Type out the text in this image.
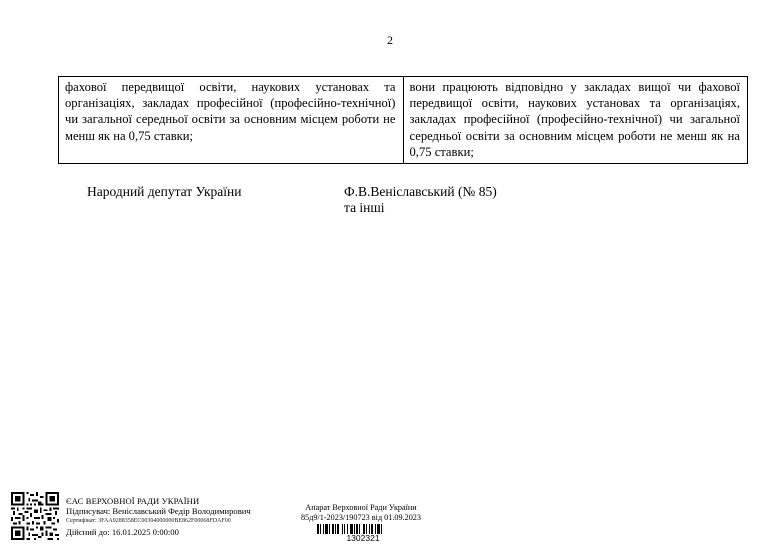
2
фахової передвищої освіти, наукових установах та організаціях, закладах професійної (професійно-технічної) чи загальної середньої освіти за основним місцем роботи не менш як на 0,75 ставки;	вони працюють відповідно у закладах вищої чи фахової передвищої освіти, наукових установах та організаціях, закладах професійної (професійно-технічної) чи загальної середньої освіти за основним місцем роботи не менш як на 0,75 ставки;
Народний депутат України	Ф.В.Веніславський (№ 85)
та інші
ЄАС ВЕРХОВНОЇ РАДИ УКРАЇНИ
Підписувач: Веніславський Федір Володимирович
Сертифікат: 3FAA9288358EC00304000000BE862F00068FDAF00
Дійсний до: 16.01.2025 0:00:00
Апарат Верховної Ради України
85д9/1-2023/190723 від 01.09.2023
1302321
